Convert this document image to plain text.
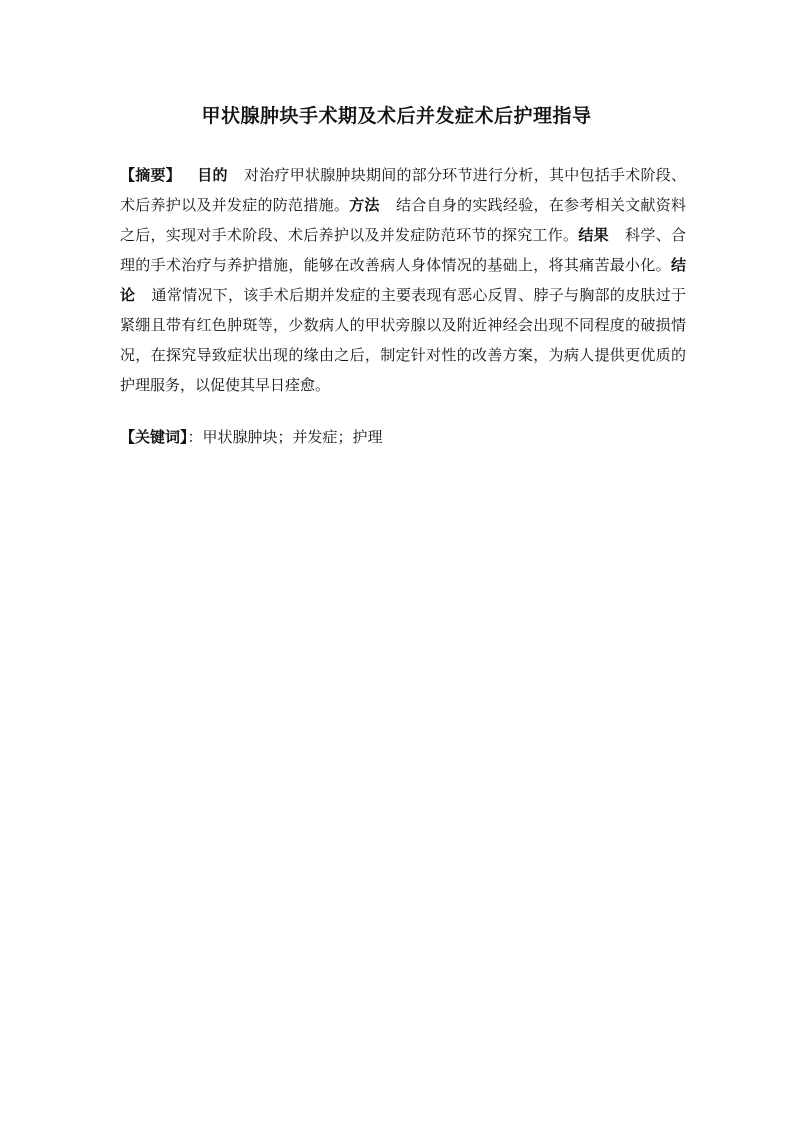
甲状腺肿块手术期及术后并发症术后护理指导

【摘要】 目的 对治疗甲状腺肿块期间的部分环节进行分析，其中包括手术阶段、术后养护以及并发症的防范措施。方法 结合自身的实践经验，在参考相关文献资料之后，实现对手术阶段、术后养护以及并发症防范环节的探究工作。结果 科学、合理的手术治疗与养护措施，能够在改善病人身体情况的基础上，将其痛苦最小化。结论 通常情况下，该手术后期并发症的主要表现有恶心反胃、脖子与胸部的皮肤过于紧绷且带有红色肿斑等，少数病人的甲状旁腺以及附近神经会出现不同程度的破损情况，在探究导致症状出现的缘由之后，制定针对性的改善方案，为病人提供更优质的护理服务，以促使其早日痊愈。

【关键词】：甲状腺肿块；并发症；护理
